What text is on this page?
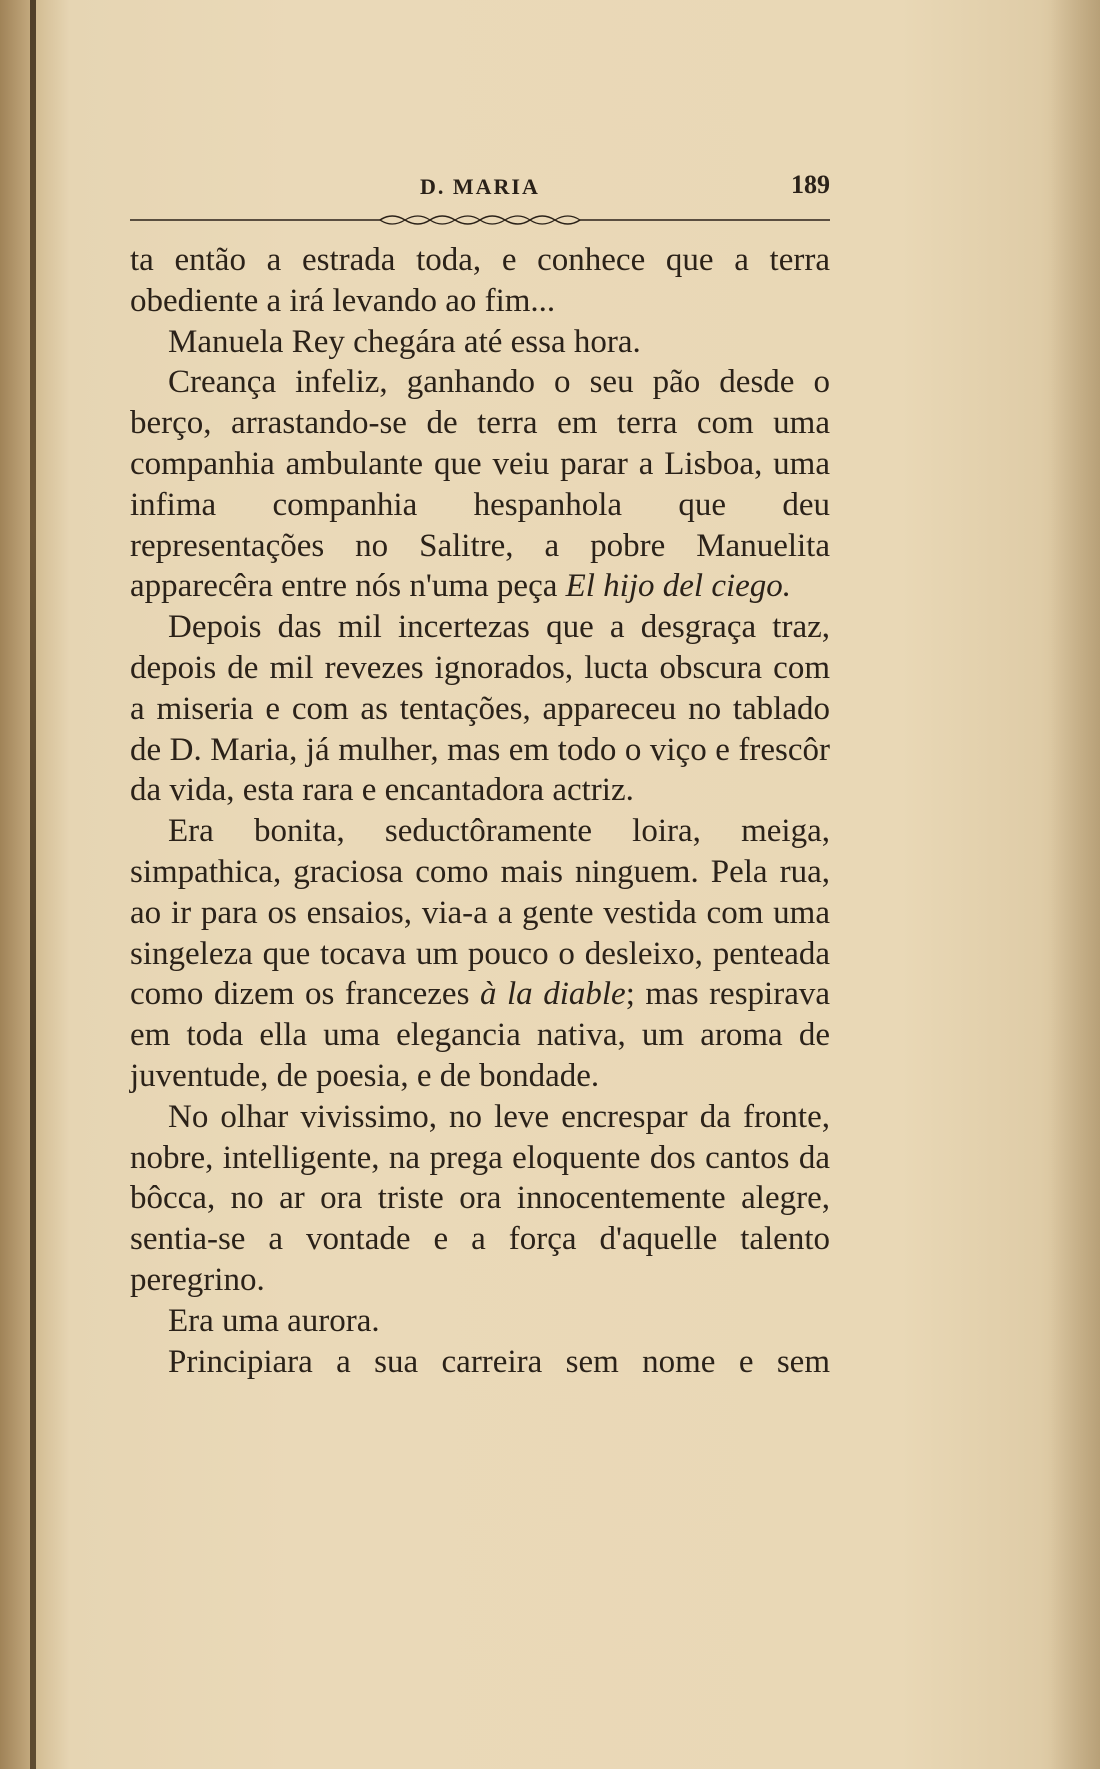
D. MARIA	189

ta então a estrada toda, e conhece que a terra obediente a irá levando ao fim...

Manuela Rey chegára até essa hora.

Creança infeliz, ganhando o seu pão desde o berço, arrastando-se de terra em terra com uma companhia ambulante que veiu parar a Lisboa, uma infima companhia hespanhola que deu representações no Salitre, a pobre Manuelita apparecêra entre nós n'uma peça El hijo del ciego.

Depois das mil incertezas que a desgraça traz, depois de mil revezes ignorados, lucta obscura com a miseria e com as tentações, appareceu no tablado de D. Maria, já mulher, mas em todo o viço e frescôr da vida, esta rara e encantadora actriz.

Era bonita, seductôramente loira, meiga, simpathica, graciosa como mais ninguem. Pela rua, ao ir para os ensaios, via-a a gente vestida com uma singeleza que tocava um pouco o desleixo, penteada como dizem os francezes à la diable; mas respirava em toda ella uma elegancia nativa, um aroma de juventude, de poesia, e de bondade.

No olhar vivissimo, no leve encrespar da fronte, nobre, intelligente, na prega eloquente dos cantos da bôcca, no ar ora triste ora innocentemente alegre, sentia-se a vontade e a força d'aquelle talento peregrino.

Era uma aurora.

Principiara a sua carreira sem nome e sem
